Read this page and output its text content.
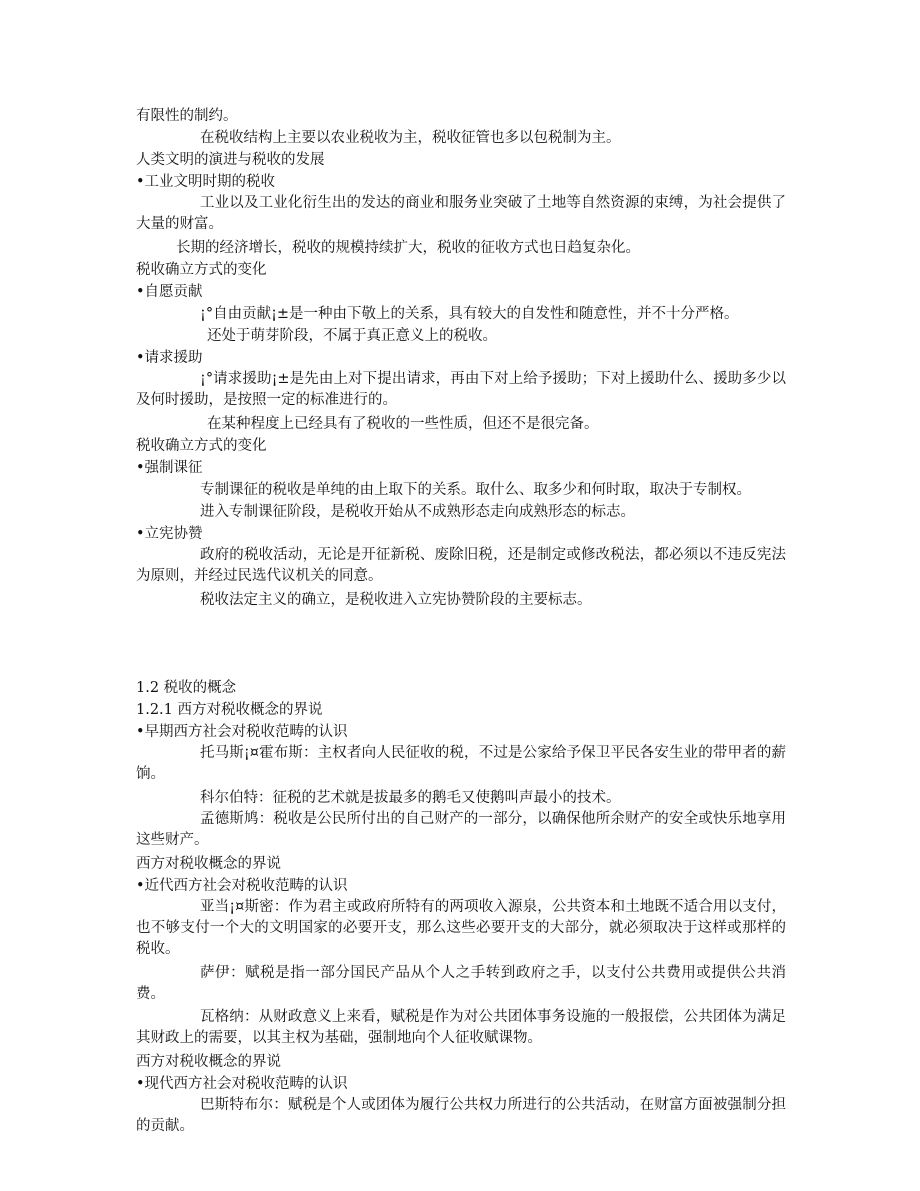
有限性的制约。
在税收结构上主要以农业税收为主，税收征管也多以包税制为主。
人类文明的演进与税收的发展
•工业文明时期的税收

工业以及工业化衍生出的发达的商业和服务业突破了土地等自然资源的束缚，为社会提供了大量的财富。

长期的经济增长，税收的规模持续扩大，税收的征收方式也日趋复杂化。
税收确立方式的变化
•自愿贡献
¡°自由贡献¡±是一种由下敬上的关系，具有较大的自发性和随意性，并不十分严格。
还处于萌芽阶段，不属于真正意义上的税收。
•请求援助

¡°请求援助¡±是先由上对下提出请求，再由下对上给予援助；下对上援助什么、援助多少以及何时援助，是按照一定的标准进行的。

在某种程度上已经具有了税收的一些性质，但还不是很完备。
税收确立方式的变化
•强制课征
专制课征的税收是单纯的由上取下的关系。取什么、取多少和何时取，取决于专制权。
进入专制课征阶段，是税收开始从不成熟形态走向成熟形态的标志。
•立宪协赞

政府的税收活动，无论是开征新税、废除旧税，还是制定或修改税法，都必须以不违反宪法为原则，并经过民选代议机关的同意。

税收法定主义的确立，是税收进入立宪协赞阶段的主要标志。
1.2 税收的概念
1.2.1 西方对税收概念的界说
•早期西方社会对税收范畴的认识

托马斯¡¤霍布斯：主权者向人民征收的税，不过是公家给予保卫平民各安生业的带甲者的薪饷。

科尔伯特：征税的艺术就是拔最多的鹅毛又使鹅叫声最小的技术。

孟德斯鸠：税收是公民所付出的自己财产的一部分，以确保他所余财产的安全或快乐地享用这些财产。

西方对税收概念的界说
•近代西方社会对税收范畴的认识

亚当¡¤斯密：作为君主或政府所特有的两项收入源泉，公共资本和土地既不适合用以支付，也不够支付一个大的文明国家的必要开支，那么这些必要开支的大部分，就必须取决于这样或那样的税收。

萨伊：赋税是指一部分国民产品从个人之手转到政府之手，以支付公共费用或提供公共消费。

瓦格纳：从财政意义上来看，赋税是作为对公共团体事务设施的一般报偿，公共团体为满足其财政上的需要，以其主权为基础，强制地向个人征收赋课物。

西方对税收概念的界说
•现代西方社会对税收范畴的认识

巴斯特布尔：赋税是个人或团体为履行公共权力所进行的公共活动，在财富方面被强制分担的贡献。
